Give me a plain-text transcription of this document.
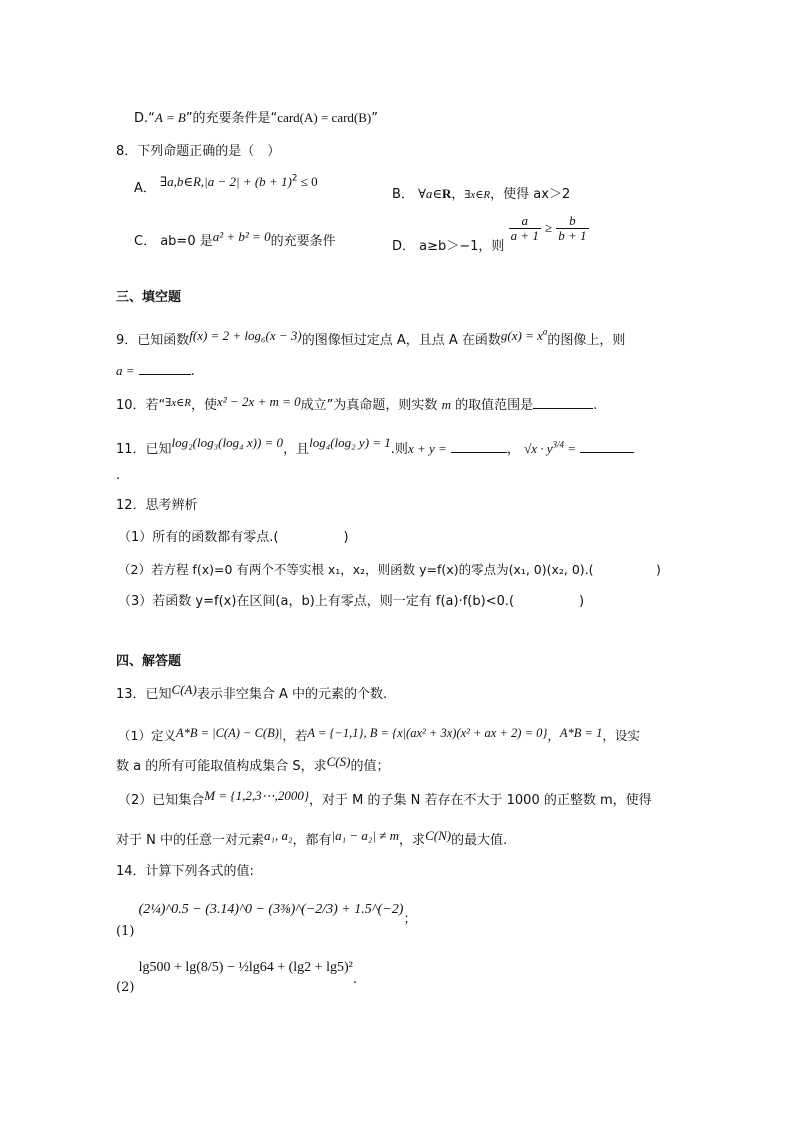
D.“A = B”的充要条件是“card(A) = card(B)”
8．下列命题正确的是（　）
A． ∃a,b∈R,|a − $2| + (b + 1)^2 \le 0$
B． ∀a∈R，∃x∈R，使得 ax＞2
C． ab=0 是a² + b² = 0的充要条件	D． a≥b＞−1，则
$\frac{a}{a + 1} \ge \frac{b}{b + 1}$
三、填空题
9．已知函数f(x) = 2 + log₆(x − 3)的图像恒过定点 A，且点 A 在函数$g(x) = x^a$的图像上，则
a =	.
10．若“$^{\exists x\in R}$，使x² − 2x + m = 0成立”为真命题，则实数 m 的取值范围是	.
11．已知log₂(log₃(log₄ x)) = 0，且log₄(log₂ y) = 1.则x + y =	， $√x \cdot y^{3/4}$ =
.
12．思考辨析
（1）所有的函数都有零点.(　　　　　)
（2）若方程 f(x)=0 有两个不等实根 x₁，x₂，则函数 y=f(x)的零点为(x₁, 0)(x₂, 0).(　　　　　)
（3）若函数 y=f(x)在区间(a，b)上有零点，则一定有 f(a)·f(b)<0.(　　　　　)
四、解答题
13．已知C(A)表示非空集合 A 中的元素的个数.
（1）定义A*B = |C(A) − C(B)|，若A = {−1,1}, B = {x|(ax² + 3x)(x² + ax + 2) = 0}，A*B = 1，设实
数 a 的所有可能取值构成集合 S，求C(S)的值；
（2）已知集合M = {1,2,3⋯,2000}，对于 M 的子集 N 若存在不大于 1000 的正整数 m，使得
对于 N 中的任意一对元素a₁, a₂，都有|a₁ − a₂| ≠ m，求C(N)的最大值.
14．计算下列各式的值:
(1) (2¼)^0.5 − (3.14)^0 − (3⅜)^(−2/3) + 1.5^(−2)；
(2) lg500 + lg(8/5) − ½lg64 + (lg2 + lg5)².
